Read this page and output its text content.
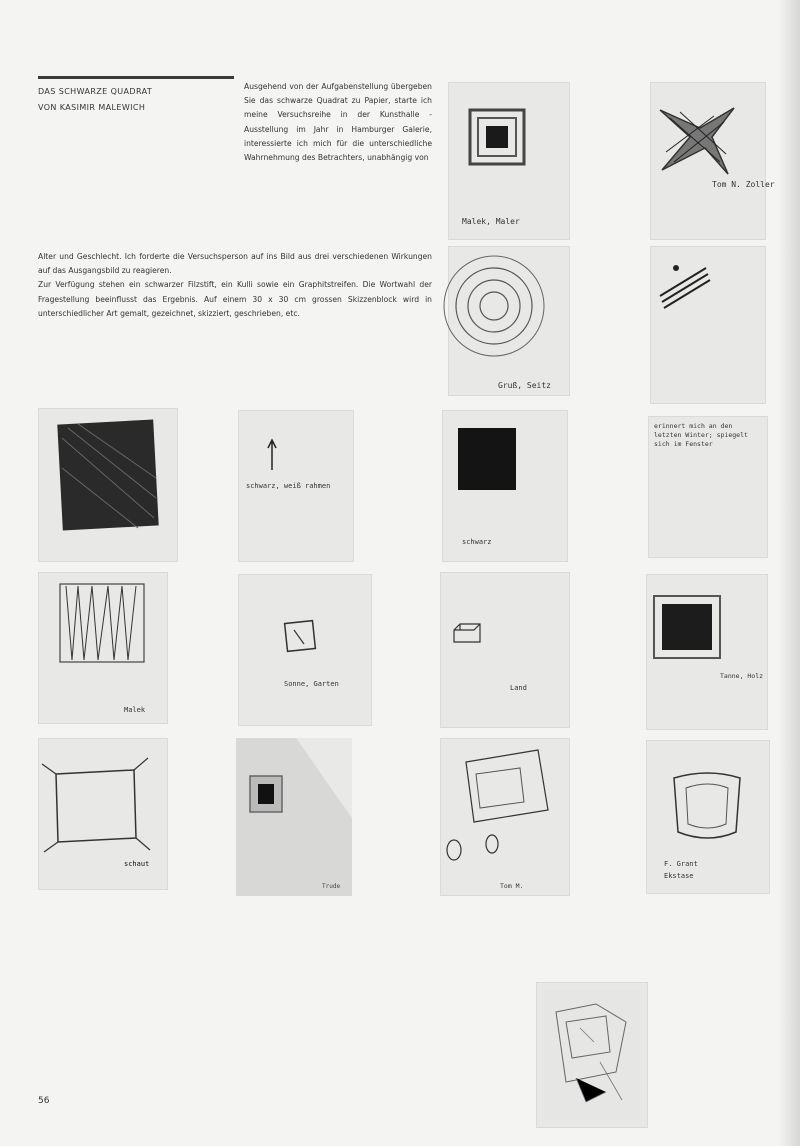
DAS SCHWARZE QUADRAT
VON KASIMIR MALEWICH
Ausgehend von der Aufgabenstellung übergeben Sie das schwarze Quadrat zu Papier, starte ich meine Versuchsreihe in der Kunsthalle - Ausstellung im Jahr in Hamburger Galerie, interessierte ich mich für die unterschiedliche Wahrnehmung des Betrachters, unabhängig von

Alter und Geschlecht. Ich forderte die Versuchsperson auf ins Bild aus drei verschiedenen Wirkungen auf das Ausgangsbild zu reagieren.

Zur Verfügung stehen ein schwarzer Filzstift, ein Kulli sowie ein Graphitstreifen. Die Wortwahl der Fragestellung beeinflusst das Ergebnis. Auf einem 30 x 30 cm grossen Skizzenblock wird in unterschiedlicher Art gemalt, gezeichnet, skizziert, geschrieben, etc.

Malek, Maler
Tom N. Zoller
Gruß, Seitz
schwarz, weiß rahmen
schwarz
erinnert mich an den letzten Winter; spiegelt sich im Fenster
Malek
Sonne, Garten	Land
Tanne, Holz
schaut
Trude	Tom M.
F. Grant
Ekstase
56
